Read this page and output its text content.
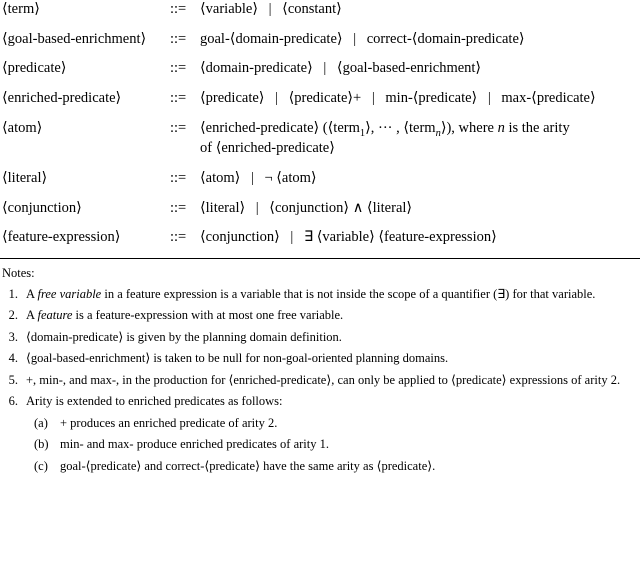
⟨term⟩	::= ⟨variable⟩ | ⟨constant⟩
⟨goal-based-enrichment⟩	::= goal-⟨domain-predicate⟩ | correct-⟨domain-predicate⟩
⟨predicate⟩	::= ⟨domain-predicate⟩ | ⟨goal-based-enrichment⟩
⟨enriched-predicate⟩	::= ⟨predicate⟩ | ⟨predicate⟩+ | min-⟨predicate⟩ | max-⟨predicate⟩
⟨atom⟩	::= ⟨enriched-predicate⟩ (⟨term$_1$⟩, ··· , ⟨term$_n$⟩), where n is the arity
of ⟨enriched-predicate⟩
⟨literal⟩	::= ⟨atom⟩ | ¬ ⟨atom⟩
⟨conjunction⟩	::= ⟨literal⟩ | ⟨conjunction⟩ ∧ ⟨literal⟩
⟨feature-expression⟩	::= ⟨conjunction⟩ | ∃ ⟨variable⟩ ⟨feature-expression⟩
Notes:
1. A free variable in a feature expression is a variable that is not inside the scope of a quantifier (∃) for that variable.
2. A feature is a feature-expression with at most one free variable.
3. ⟨domain-predicate⟩ is given by the planning domain definition.
4. ⟨goal-based-enrichment⟩ is taken to be null for non-goal-oriented planning domains.
5. +, min-, and max-, in the production for ⟨enriched-predicate⟩, can only be applied to ⟨predicate⟩ expressions of arity 2.
6. Arity is extended to enriched predicates as follows:
(a) + produces an enriched predicate of arity 2.
(b) min- and max- produce enriched predicates of arity 1.
(c) goal-⟨predicate⟩ and correct-⟨predicate⟩ have the same arity as ⟨predicate⟩.
